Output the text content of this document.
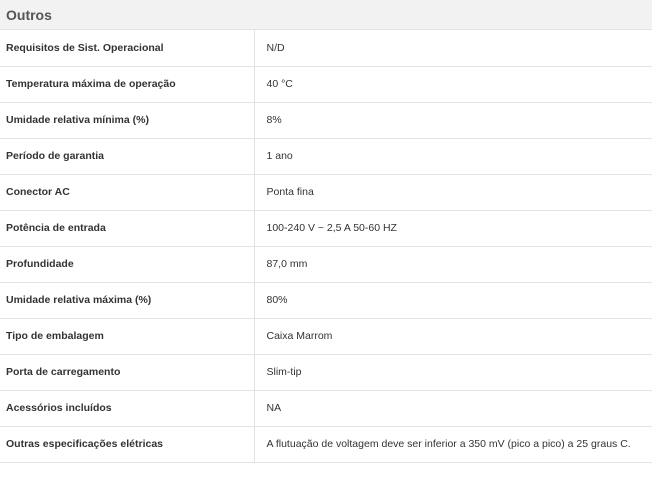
Outros
Requisitos de Sist. Operacional	N/D
Temperatura máxima de operação	40 °C
Umidade relativa mínima (%)	8%
Período de garantia	1 ano
Conector AC	Ponta fina
Potência de entrada	100-240 V ~ 2,5 A 50-60 HZ
Profundidade	87,0 mm
Umidade relativa máxima (%)	80%
Tipo de embalagem	Caixa Marrom
Porta de carregamento	Slim-tip
Acessórios incluídos	NA
Outras especificações elétricas	A flutuação de voltagem deve ser inferior a 350 mV (pico a pico) a 25 graus C.
